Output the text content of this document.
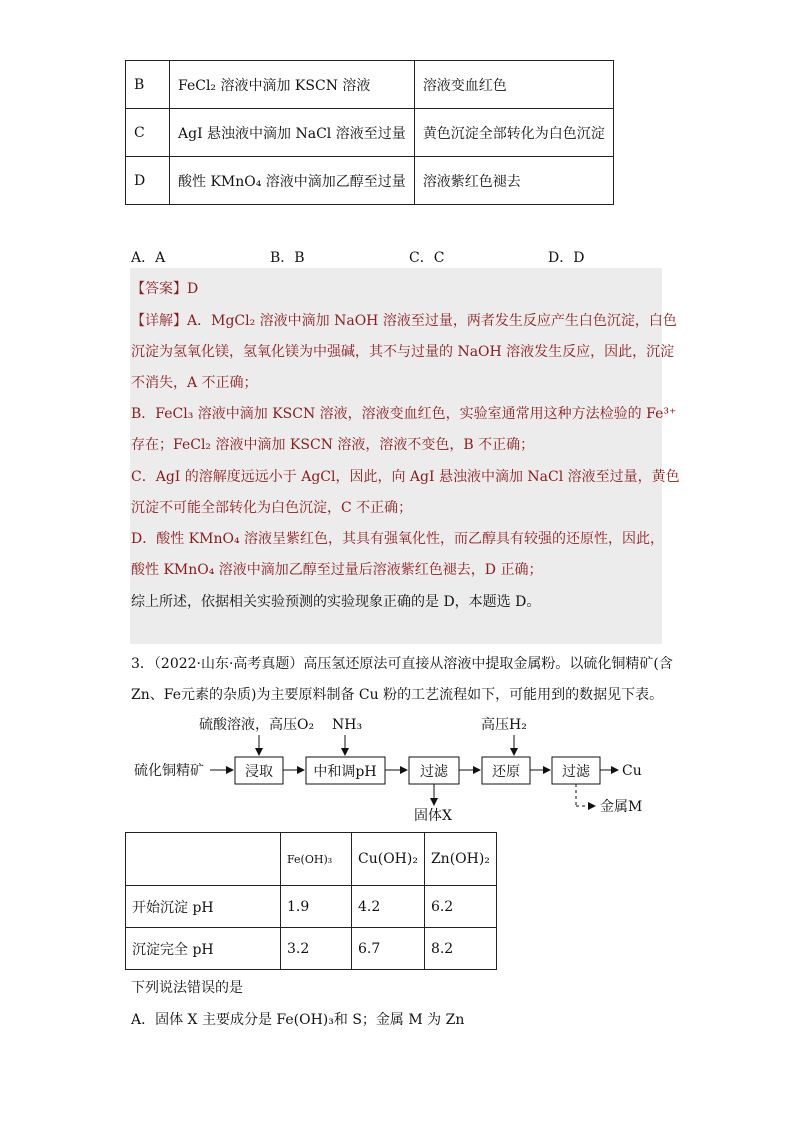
B	FeCl₂ 溶液中滴加 KSCN 溶液	溶液变血红色
C	AgI 悬浊液中滴加 NaCl 溶液至过量	黄色沉淀全部转化为白色沉淀
D	酸性 KMnO₄ 溶液中滴加乙醇至过量	溶液紫红色褪去
A．A	B．B	C．C	D．D
【答案】D
【详解】A．MgCl₂ 溶液中滴加 NaOH 溶液至过量，两者发生反应产生白色沉淀，白色
沉淀为氢氧化镁，氢氧化镁为中强碱，其不与过量的 NaOH 溶液发生反应，因此，沉淀
不消失，A 不正确；
B．FeCl₃ 溶液中滴加 KSCN 溶液，溶液变血红色，实验室通常用这种方法检验的 Fe³⁺
存在；FeCl₂ 溶液中滴加 KSCN 溶液，溶液不变色，B 不正确；
C．AgI 的溶解度远远小于 AgCl，因此，向 AgI 悬浊液中滴加 NaCl 溶液至过量，黄色
沉淀不可能全部转化为白色沉淀，C 不正确；
D．酸性 KMnO₄ 溶液呈紫红色，其具有强氧化性，而乙醇具有较强的还原性，因此，
酸性 KMnO₄ 溶液中滴加乙醇至过量后溶液紫红色褪去，D 正确；
综上所述，依据相关实验预测的实验现象正确的是 D，本题选 D。
3．（2022·山东·高考真题）高压氢还原法可直接从溶液中提取金属粉。以硫化铜精矿(含
Zn、Fe元素的杂质)为主要原料制备 Cu 粉的工艺流程如下，可能用到的数据见下表。
硫酸溶液，高压O₂ NH₃	高压H₂
硫化铜精矿	Cu
固体X
金属M
浸取	中和调pH	过滤	还原	过滤
	Fe(OH)₃	Cu(OH)₂	Zn(OH)₂
开始沉淀 pH	1.9	4.2	6.2
沉淀完全 pH	3.2	6.7	8.2
下列说法错误的是
A．固体 X 主要成分是 Fe(OH)₃和 S；金属 M 为 Zn
